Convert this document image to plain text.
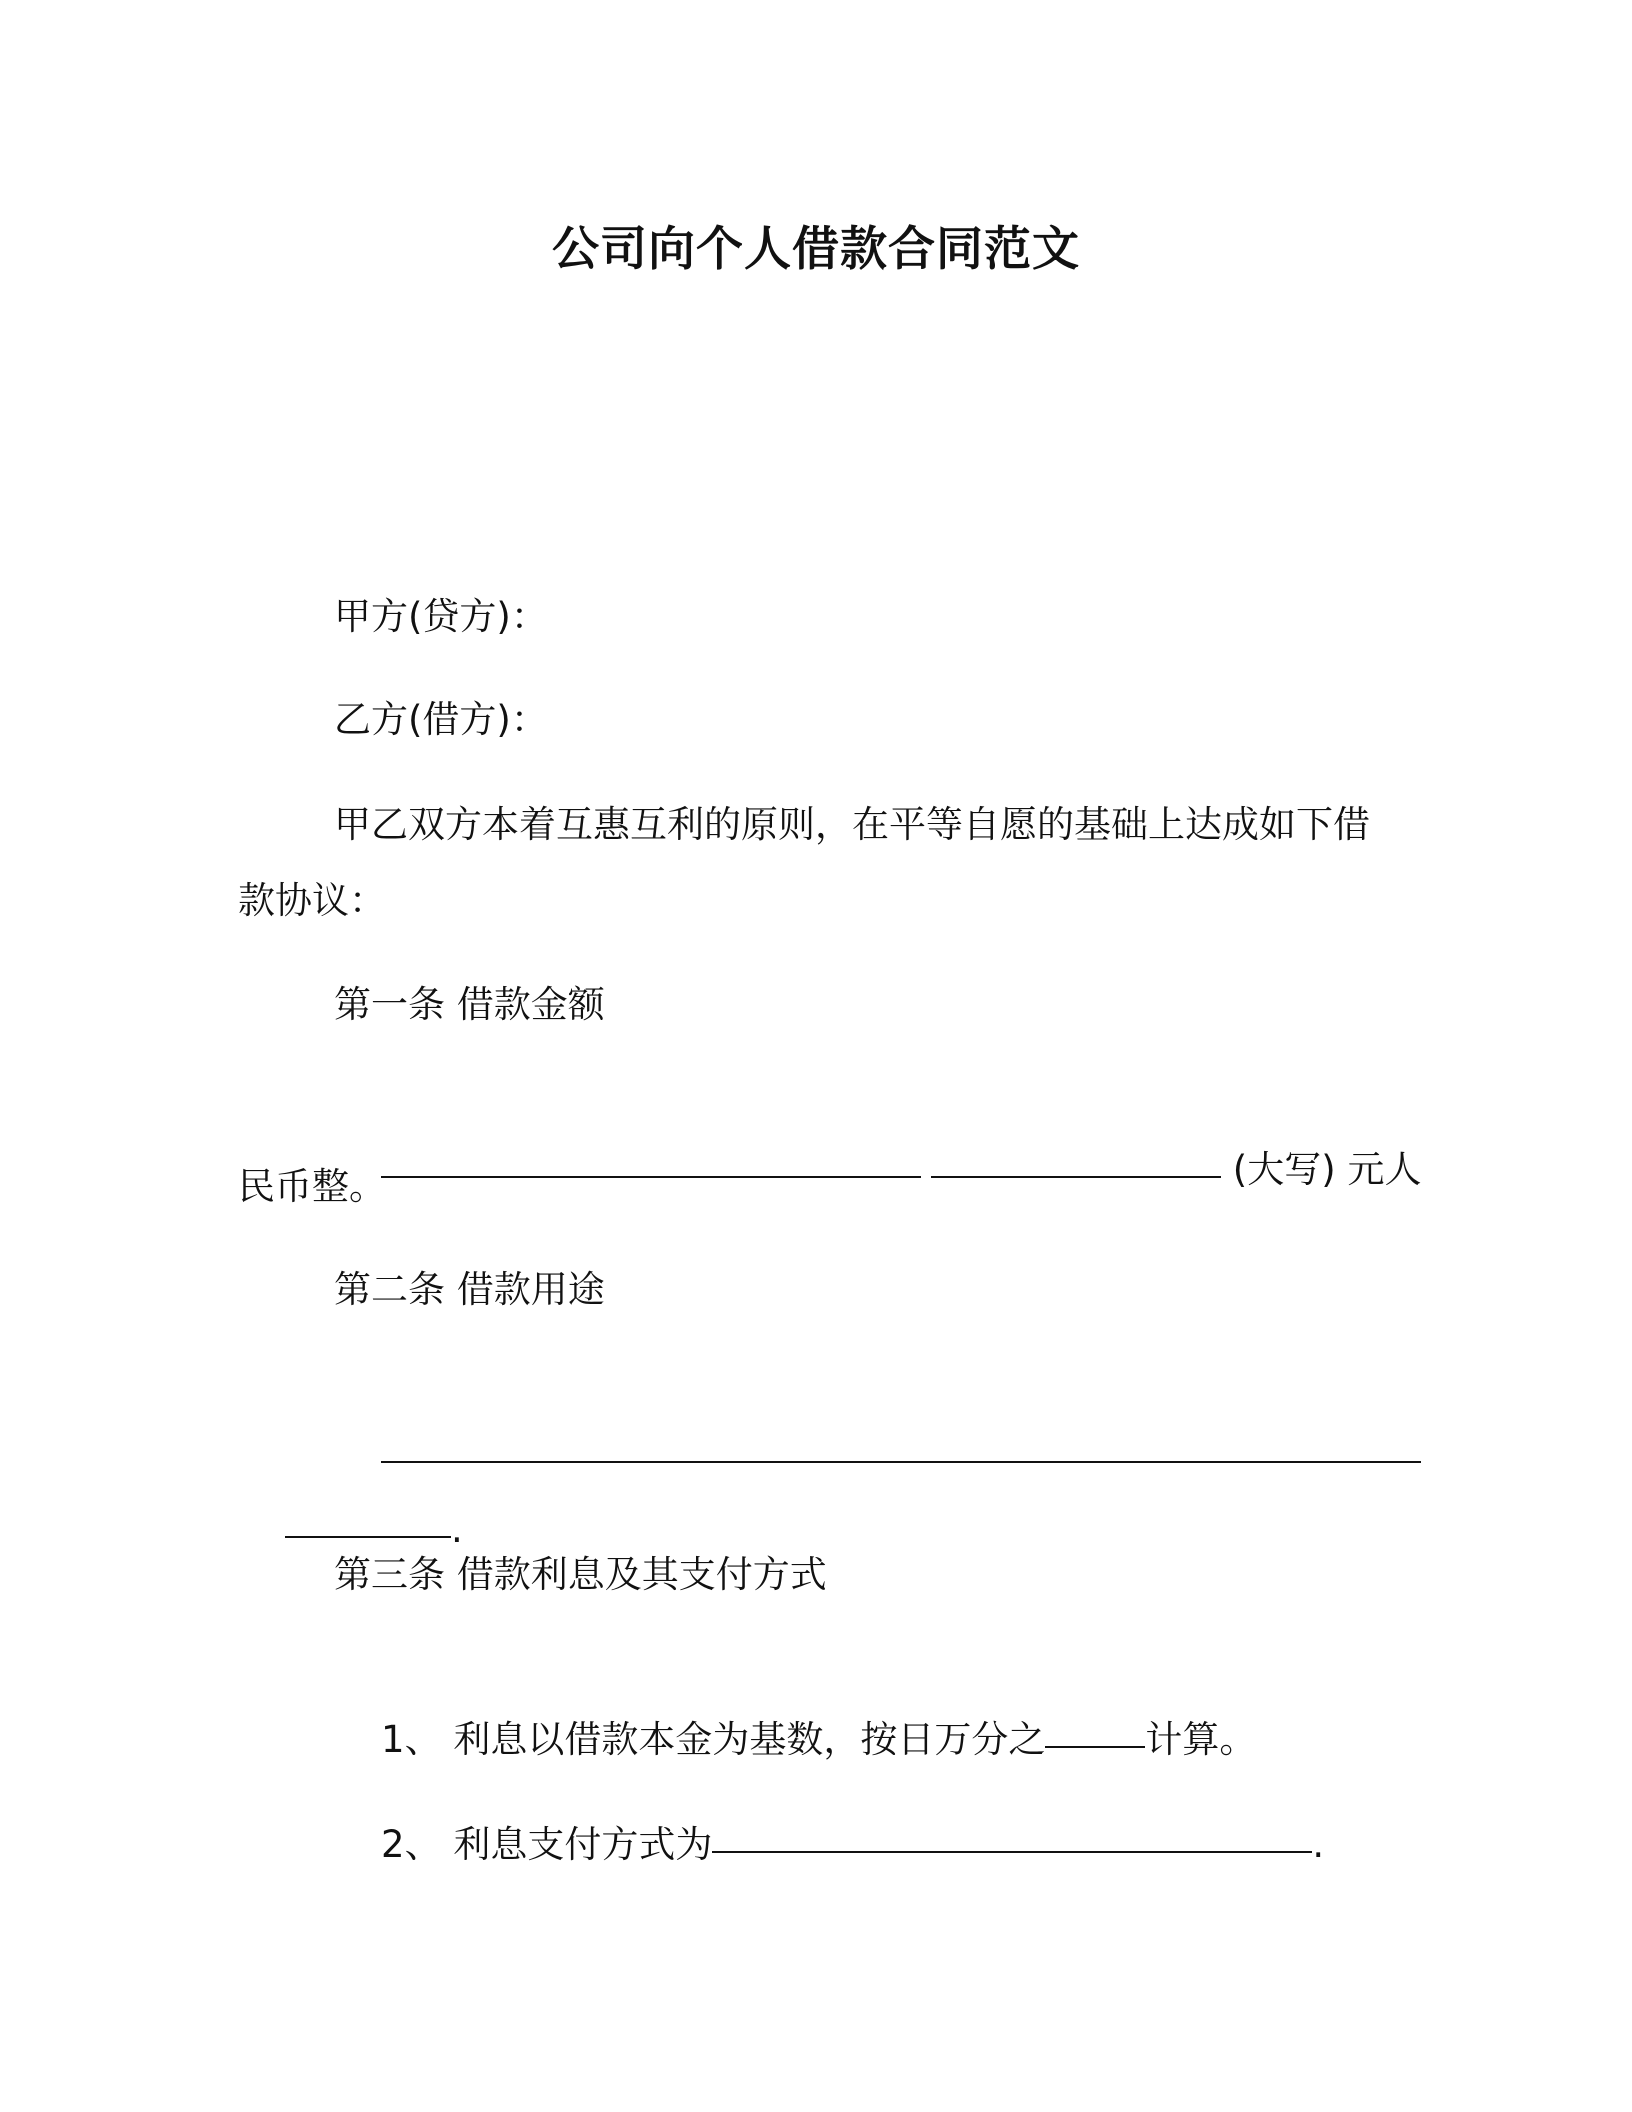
公司向个人借款合同范文
甲方(贷方)：
乙方(借方)：
甲乙双方本着互惠互利的原则，在平等自愿的基础上达成如下借
款协议：
第一条 借款金额

(大写) 元人

民币整。
第二条 借款用途

.

第三条 借款利息及其支付方式

1、 利息以借款本金为基数，按日万分之	计算。

2、 利息支付方式为	.
